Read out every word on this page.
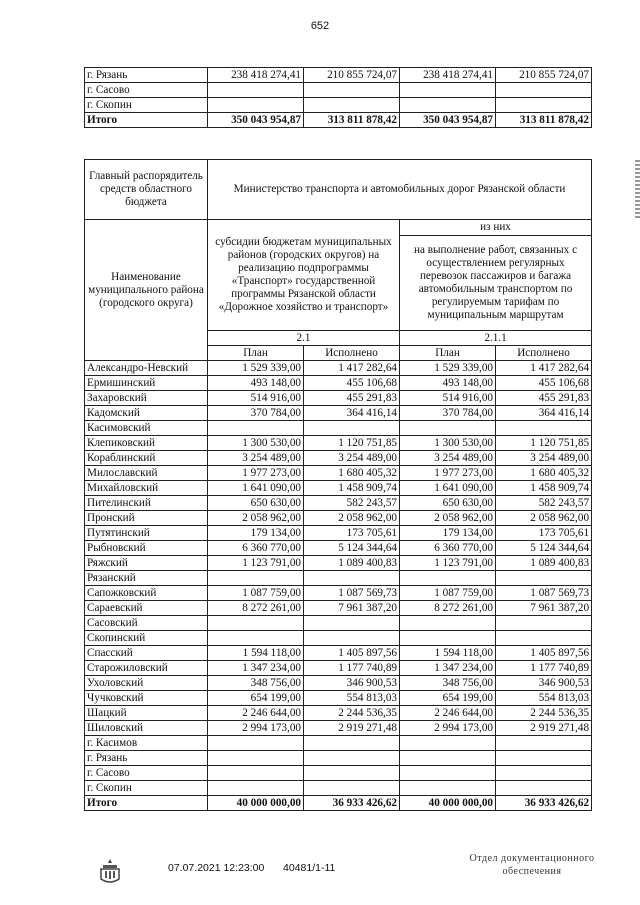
652
г. Рязань	238 418 274,41	210 855 724,07	238 418 274,41	210 855 724,07
г. Сасово				
г. Скопин				
Итого	350 043 954,87	313 811 878,42	350 043 954,87	313 811 878,42
Главный распорядитель средств областного бюджета	Министерство транспорта и автомобильных дорог Рязанской области			
Наименование муниципального района (городского округа)	субсидии бюджетам муниципальных районов (городских округов) на реализацию подпрограммы «Транспорт» государственной программы Рязанской области «Дорожное хозяйство и транспорт»		из них	
			на выполнение работ, связанных с осуществлением регулярных перевозок пассажиров и багажа автомобильным транспортом по регулируемым тарифам по муниципальным маршрутам	
	2.1		2.1.1	
	План	Исполнено	План	Исполнено
Александро-Невский	1 529 339,00	1 417 282,64	1 529 339,00	1 417 282,64
Ермишинский	493 148,00	455 106,68	493 148,00	455 106,68
Захаровский	514 916,00	455 291,83	514 916,00	455 291,83
Кадомский	370 784,00	364 416,14	370 784,00	364 416,14
Касимовский				
Клепиковский	1 300 530,00	1 120 751,85	1 300 530,00	1 120 751,85
Кораблинский	3 254 489,00	3 254 489,00	3 254 489,00	3 254 489,00
Милославский	1 977 273,00	1 680 405,32	1 977 273,00	1 680 405,32
Михайловский	1 641 090,00	1 458 909,74	1 641 090,00	1 458 909,74
Пителинский	650 630,00	582 243,57	650 630,00	582 243,57
Пронский	2 058 962,00	2 058 962,00	2 058 962,00	2 058 962,00
Путятинский	179 134,00	173 705,61	179 134,00	173 705,61
Рыбновский	6 360 770,00	5 124 344,64	6 360 770,00	5 124 344,64
Ряжский	1 123 791,00	1 089 400,83	1 123 791,00	1 089 400,83
Рязанский				
Сапожковский	1 087 759,00	1 087 569,73	1 087 759,00	1 087 569,73
Сараевский	8 272 261,00	7 961 387,20	8 272 261,00	7 961 387,20
Сасовский				
Скопинский				
Спасский	1 594 118,00	1 405 897,56	1 594 118,00	1 405 897,56
Старожиловский	1 347 234,00	1 177 740,89	1 347 234,00	1 177 740,89
Ухоловский	348 756,00	346 900,53	348 756,00	346 900,53
Чучковский	654 199,00	554 813,03	654 199,00	554 813,03
Шацкий	2 246 644,00	2 244 536,35	2 246 644,00	2 244 536,35
Шиловский	2 994 173,00	2 919 271,48	2 994 173,00	2 919 271,48
г. Касимов				
г. Рязань				
г. Сасово				
г. Скопин				
Итого	40 000 000,00	36 933 426,62	40 000 000,00	36 933 426,62
07.07.2021 12:23:00 40481/1-11
Отдел документационного
обеспечения
